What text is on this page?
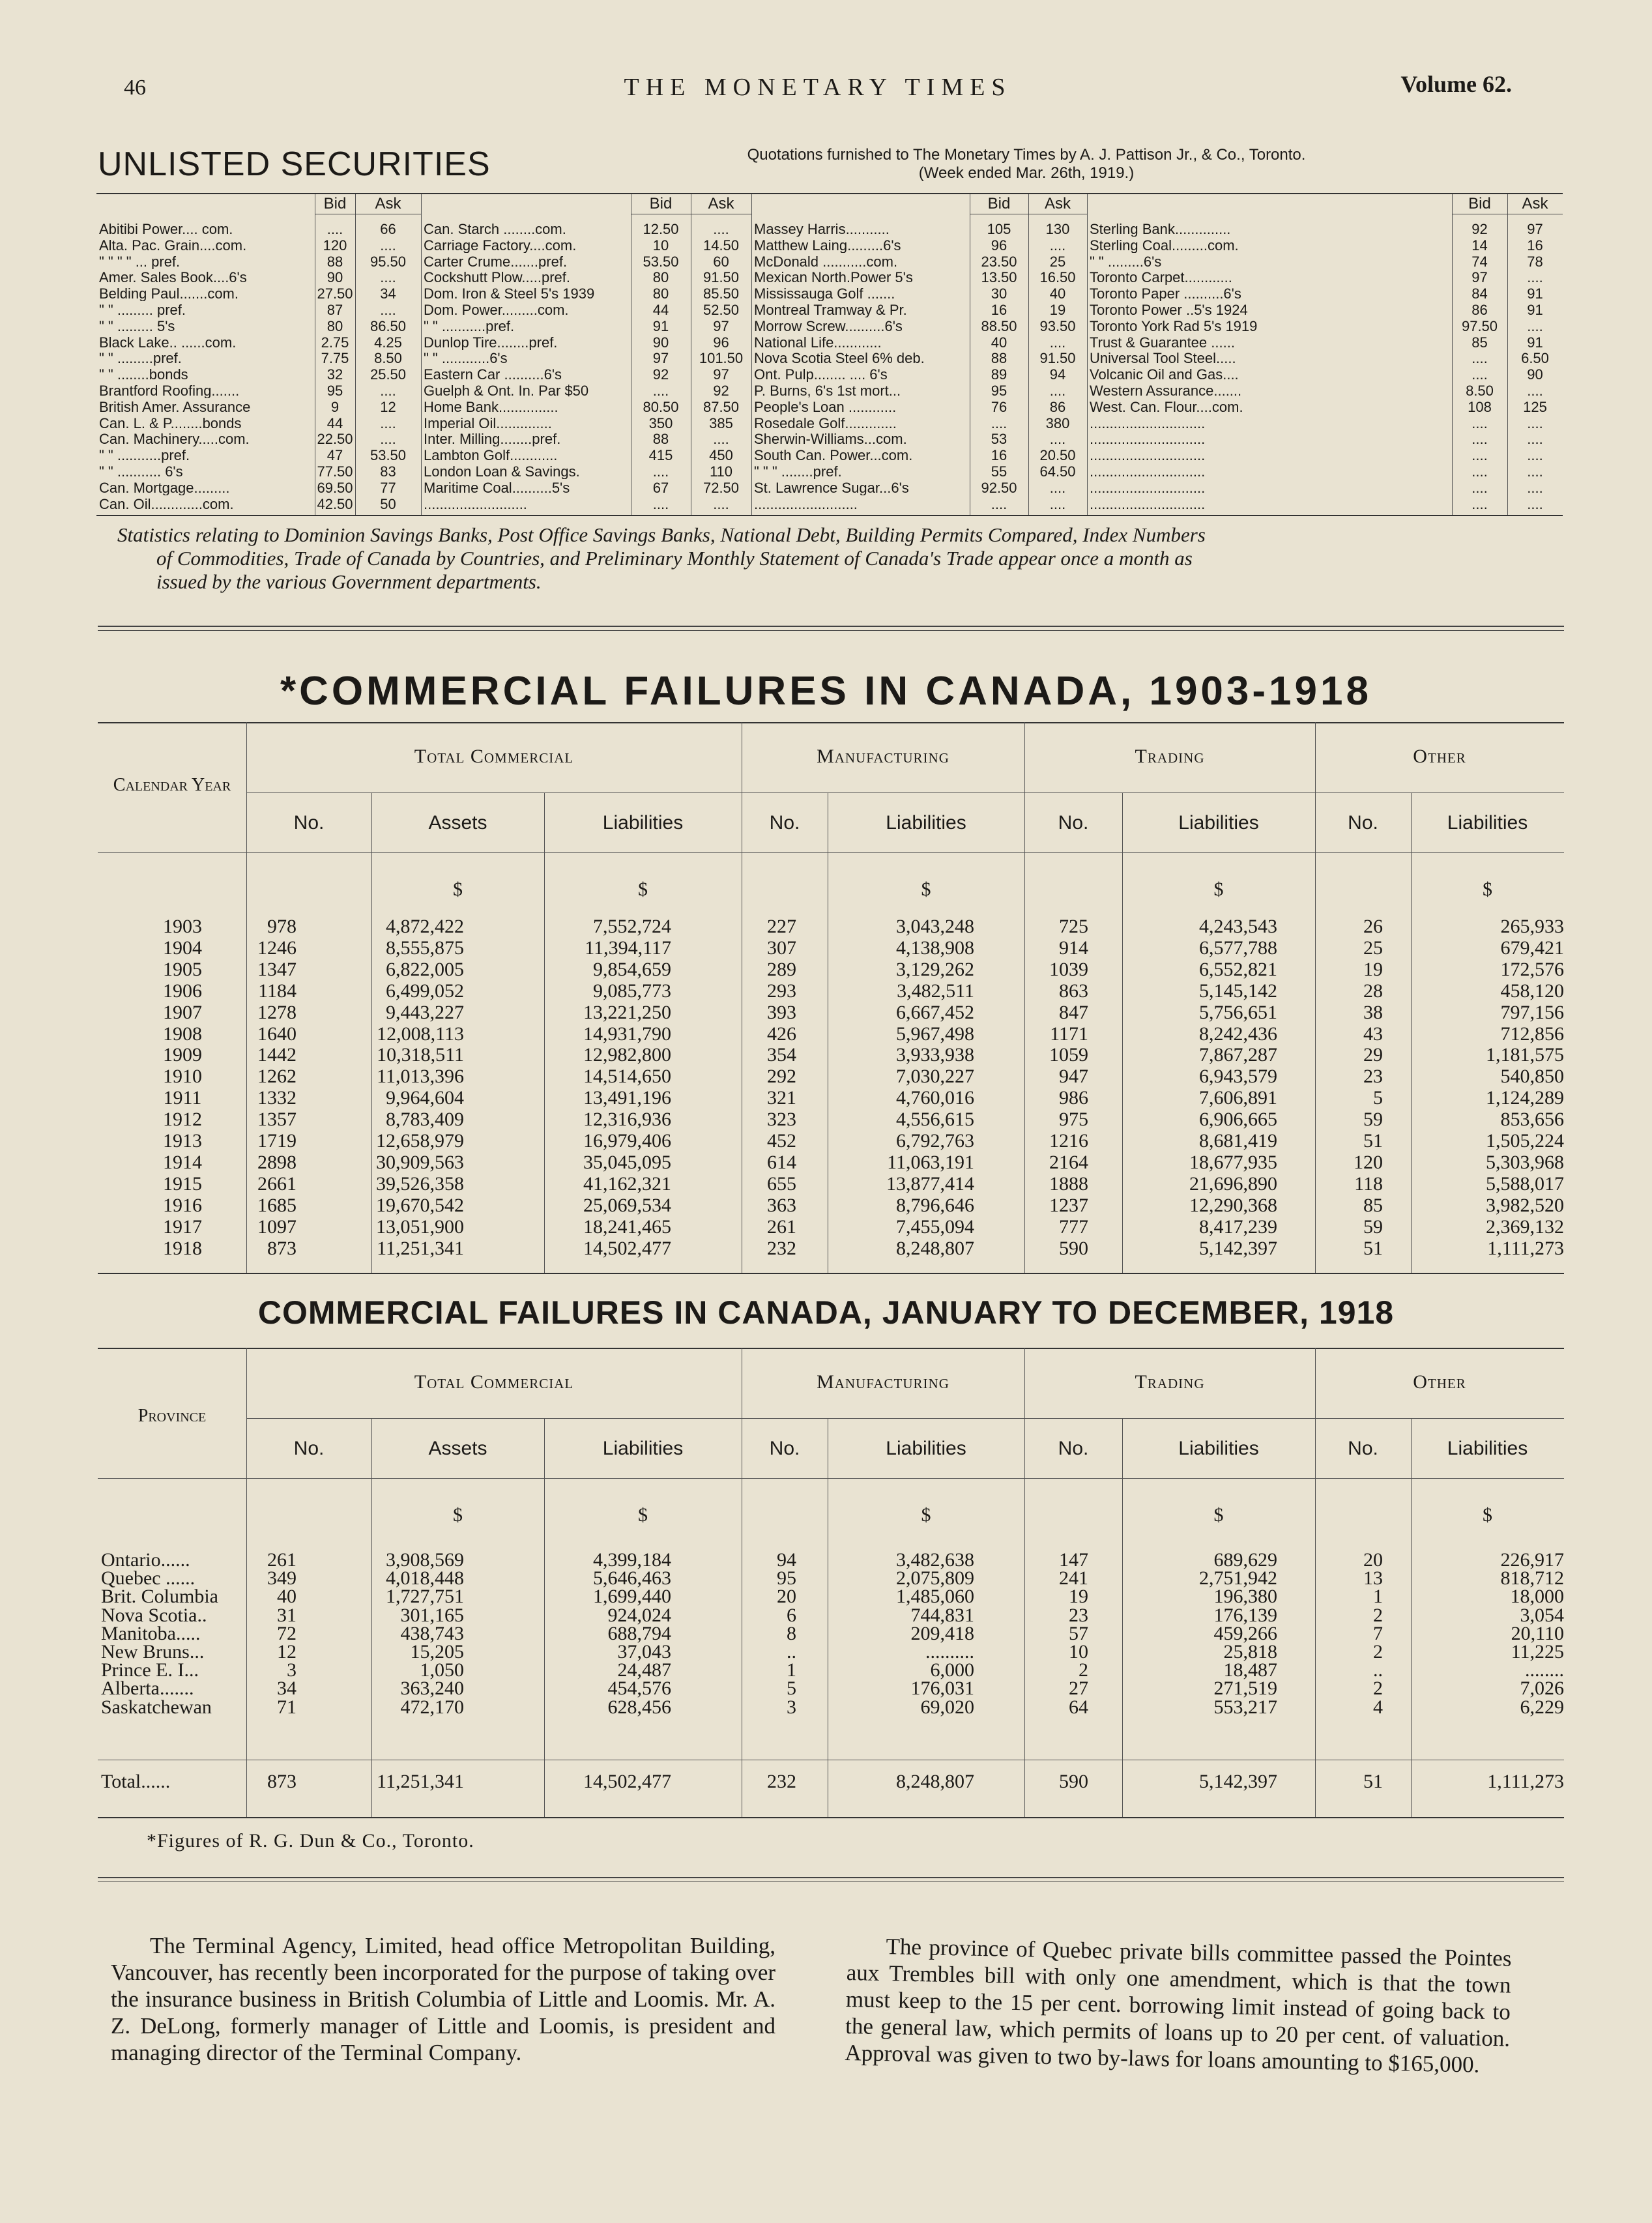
46	THE MONETARY TIMES	Volume 62.
UNLISTED SECURITIES	Quotations furnished to The Monetary Times by A. J. Pattison Jr., & Co., Toronto.
(Week ended Mar. 26th, 1919.)
Bid	Ask
Abitibi Power.... com.	....	66
Alta. Pac. Grain....com.	120	....
" " " " ... pref.	88	95.50
Amer. Sales Book....6's	90	....
Belding Paul.......com.	27.50	34
" " ......... pref.	87	....
" " ......... 5's	80	86.50
Black Lake.. ......com.	2.75	4.25
" " .........pref.	7.75	8.50
" " ........bonds	32	25.50
Brantford Roofing.......	95	....
British Amer. Assurance	9	12
Can. L. & P........bonds	44	....
Can. Machinery.....com.	22.50	....
" " ...........pref.	47	53.50
" " ........... 6's	77.50	83
Can. Mortgage.........	69.50	77
Can. Oil.............com.	42.50	50
Bid	Ask
Can. Starch ........com.	12.50	....
Carriage Factory....com.	10	14.50
Carter Crume.......pref.	53.50	60
Cockshutt Plow.....pref.	80	91.50
Dom. Iron & Steel 5's 1939	80	85.50
Dom. Power.........com.	44	52.50
" " ...........pref.	91	97
Dunlop Tire........pref.	90	96
" " ............6's	97	101.50
Eastern Car ..........6's	92	97
Guelph & Ont. In. Par $50	....	92
Home Bank...............	80.50	87.50
Imperial Oil..............	350	385
Inter. Milling........pref.	88	....
Lambton Golf............	415	450
London Loan & Savings.	....	110
Maritime Coal..........5's	67	72.50
..........................	....	....
Bid	Ask
Massey Harris...........	105	130
Matthew Laing.........6's	96	....
McDonald ...........com.	23.50	25
Mexican North.Power 5's	13.50	16.50
Mississauga Golf .......	30	40
Montreal Tramway & Pr.	16	19
Morrow Screw..........6's	88.50	93.50
National Life............	40	....
Nova Scotia Steel 6% deb.	88	91.50
Ont. Pulp........ .... 6's	89	94
P. Burns, 6's 1st mort...	95	....
People's Loan ............	76	86
Rosedale Golf.............	....	380
Sherwin-Williams...com.	53	....
South Can. Power...com.	16	20.50
" " " ........pref.	55	64.50
St. Lawrence Sugar...6's	92.50	....
..........................	....	....
Bid	Ask
Sterling Bank..............	92	97
Sterling Coal.........com.	14	16
" " .........6's	74	78
Toronto Carpet............	97	....
Toronto Paper ..........6's	84	91
Toronto Power ..5's 1924	86	91
Toronto York Rad 5's 1919	97.50	....
Trust & Guarantee ......	85	91
Universal Tool Steel.....	....	6.50
Volcanic Oil and Gas....	....	90
Western Assurance.......	8.50	....
West. Can. Flour....com.	108	125
.............................	....	....
.............................	....	....
.............................	....	....
.............................	....	....
.............................	....	....
.............................	....	....
Statistics relating to Dominion Savings Banks, Post Office Savings Banks, National Debt, Building Permits Compared, Index Numbers
of Commodities, Trade of Canada by Countries, and Preliminary Monthly Statement of Canada's Trade appear once a month as
issued by the various Government departments.
*COMMERCIAL FAILURES IN CANADA, 1903-1918
Total Commercial	Manufacturing	Trading	Other
Calendar Year
No.	Assets	Liabilities	No.	Liabilities	No.	Liabilities	No.	Liabilities
$	$	$	$	$
1903	978	4,872,422	7,552,724	227	3,043,248	725	4,243,543	26	265,933
1904	1246	8,555,875	11,394,117	307	4,138,908	914	6,577,788	25	679,421
1905	1347	6,822,005	9,854,659	289	3,129,262	1039	6,552,821	19	172,576
1906	1184	6,499,052	9,085,773	293	3,482,511	863	5,145,142	28	458,120
1907	1278	9,443,227	13,221,250	393	6,667,452	847	5,756,651	38	797,156
1908	1640	12,008,113	14,931,790	426	5,967,498	1171	8,242,436	43	712,856
1909	1442	10,318,511	12,982,800	354	3,933,938	1059	7,867,287	29	1,181,575
1910	1262	11,013,396	14,514,650	292	7,030,227	947	6,943,579	23	540,850
1911	1332	9,964,604	13,491,196	321	4,760,016	986	7,606,891	5	1,124,289
1912	1357	8,783,409	12,316,936	323	4,556,615	975	6,906,665	59	853,656
1913	1719	12,658,979	16,979,406	452	6,792,763	1216	8,681,419	51	1,505,224
1914	2898	30,909,563	35,045,095	614	11,063,191	2164	18,677,935	120	5,303,968
1915	2661	39,526,358	41,162,321	655	13,877,414	1888	21,696,890	118	5,588,017
1916	1685	19,670,542	25,069,534	363	8,796,646	1237	12,290,368	85	3,982,520
1917	1097	13,051,900	18,241,465	261	7,455,094	777	8,417,239	59	2,369,132
1918	873	11,251,341	14,502,477	232	8,248,807	590	5,142,397	51	1,111,273
COMMERCIAL FAILURES IN CANADA, JANUARY TO DECEMBER, 1918
Total Commercial	Manufacturing	Trading	Other
Province
No.	Assets	Liabilities	No.	Liabilities	No.	Liabilities	No.	Liabilities
$	$	$	$	$
Ontario......	261	3,908,569	4,399,184	94	3,482,638	147	689,629	20	226,917
Quebec ......	349	4,018,448	5,646,463	95	2,075,809	241	2,751,942	13	818,712
Brit. Columbia	40	1,727,751	1,699,440	20	1,485,060	19	196,380	1	18,000
Nova Scotia..	31	301,165	924,024	6	744,831	23	176,139	2	3,054
Manitoba.....	72	438,743	688,794	8	209,418	57	459,266	7	20,110
New Bruns...	12	15,205	37,043	..	..........	10	25,818	2	11,225
Prince E. I...	3	1,050	24,487	1	6,000	2	18,487	..	........
Alberta.......	34	363,240	454,576	5	176,031	27	271,519	2	7,026
Saskatchewan	71	472,170	628,456	3	69,020	64	553,217	4	6,229
Total......	873	11,251,341	14,502,477	232	8,248,807	590	5,142,397	51	1,111,273
*Figures of R. G. Dun & Co., Toronto.

The Terminal Agency, Limited, head office Metropolitan Building, Vancouver, has recently been incorporated for the purpose of taking over the insurance business in British Columbia of Little and Loomis. Mr. A. Z. DeLong, formerly manager of Little and Loomis, is president and managing director of the Terminal Company.

The province of Quebec private bills committee passed the Pointes aux Trembles bill with only one amendment, which is that the town must keep to the 15 per cent. borrowing limit instead of going back to the general law, which permits of loans up to 20 per cent. of valuation. Approval was given to two by-laws for loans amounting to $165,000.
